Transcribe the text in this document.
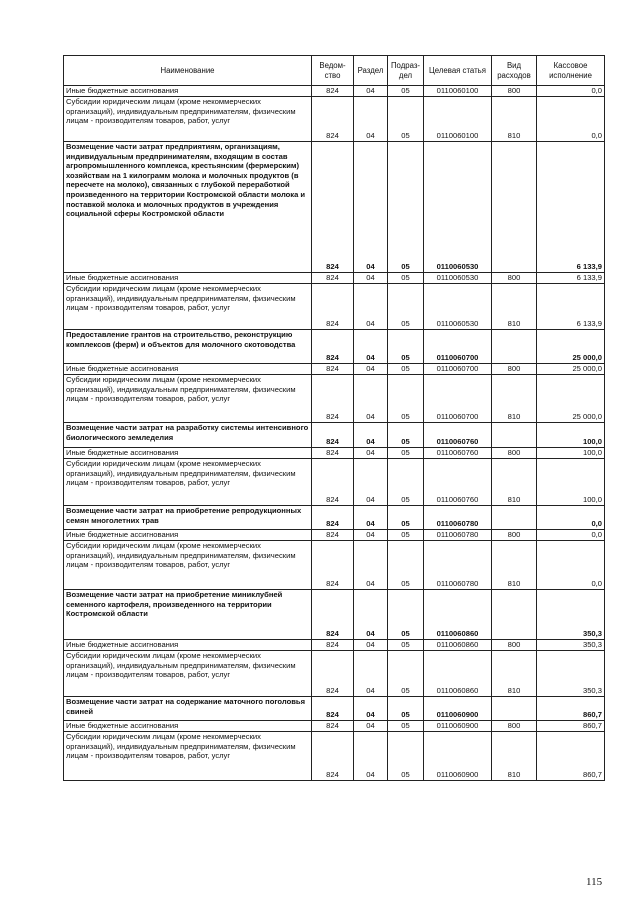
Наименование	Ведом-ство	Раздел	Подраз-дел	Целевая статья	Вид расходов	Кассовое исполнение
Иные бюджетные ассигнования	824	04	05	0110060100	800	0,0
Субсидии юридическим лицам (кроме некоммерческих организаций), индивидуальным предпринимателям, физическим лицам - производителям товаров, работ, услуг	824	04	05	0110060100	810	0,0
Возмещение части затрат предприятиям, организациям, индивидуальным предпринимателям, входящим в состав агропромышленного комплекса, крестьянским (фермерским) хозяйствам на 1 килограмм молока и молочных продуктов (в пересчете на молоко), связанных с глубокой переработкой произведенного на территории Костромской области молока и поставкой молока и молочных продуктов в учреждения социальной сферы Костромской области	824	04	05	0110060530		6 133,9
Иные бюджетные ассигнования	824	04	05	0110060530	800	6 133,9
Субсидии юридическим лицам (кроме некоммерческих организаций), индивидуальным предпринимателям, физическим лицам - производителям товаров, работ, услуг	824	04	05	0110060530	810	6 133,9
Предоставление грантов на строительство, реконструкцию комплексов (ферм) и объектов для молочного скотоводства	824	04	05	0110060700		25 000,0
Иные бюджетные ассигнования	824	04	05	0110060700	800	25 000,0
Субсидии юридическим лицам (кроме некоммерческих организаций), индивидуальным предпринимателям, физическим лицам - производителям товаров, работ, услуг	824	04	05	0110060700	810	25 000,0
Возмещение части затрат на разработку системы интенсивного биологического земледелия	824	04	05	0110060760		100,0
Иные бюджетные ассигнования	824	04	05	0110060760	800	100,0
Субсидии юридическим лицам (кроме некоммерческих организаций), индивидуальным предпринимателям, физическим лицам - производителям товаров, работ, услуг	824	04	05	0110060760	810	100,0
Возмещение части затрат на приобретение репродукционных семян многолетних трав	824	04	05	0110060780		0,0
Иные бюджетные ассигнования	824	04	05	0110060780	800	0,0
Субсидии юридическим лицам (кроме некоммерческих организаций), индивидуальным предпринимателям, физическим лицам - производителям товаров, работ, услуг	824	04	05	0110060780	810	0,0
Возмещение части затрат на приобретение миниклубней семенного картофеля, произведенного на территории Костромской области	824	04	05	0110060860		350,3
Иные бюджетные ассигнования	824	04	05	0110060860	800	350,3
Субсидии юридическим лицам (кроме некоммерческих организаций), индивидуальным предпринимателям, физическим лицам - производителям товаров, работ, услуг	824	04	05	0110060860	810	350,3
Возмещение части затрат на содержание маточного поголовья свиней	824	04	05	0110060900		860,7
Иные бюджетные ассигнования	824	04	05	0110060900	800	860,7
Субсидии юридическим лицам (кроме некоммерческих организаций), индивидуальным предпринимателям, физическим лицам - производителям товаров, работ, услуг	824	04	05	0110060900	810	860,7
115
